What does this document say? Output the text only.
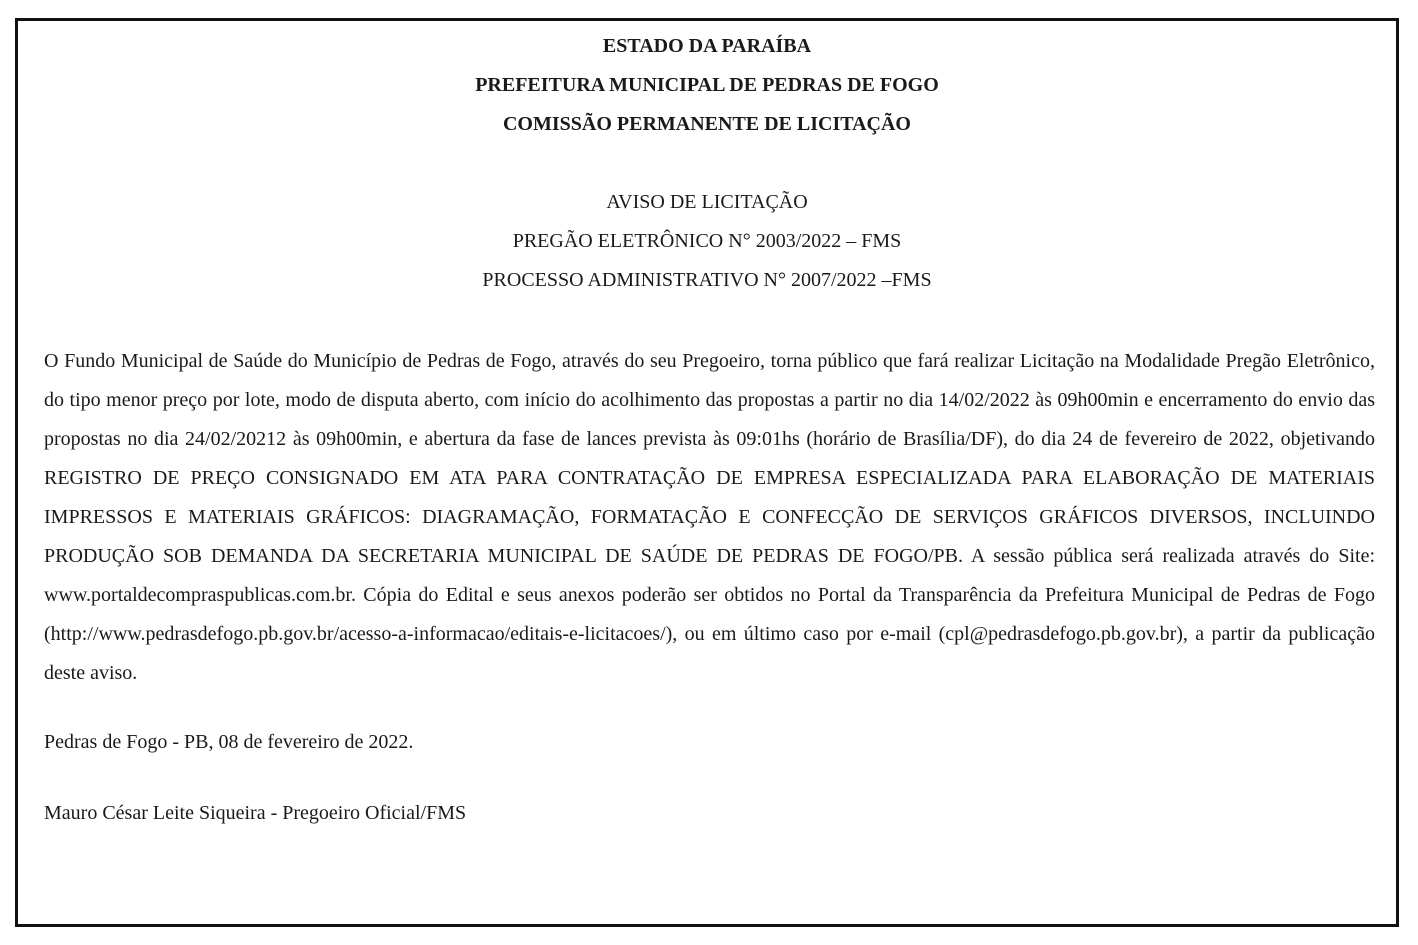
ESTADO DA PARAÍBA
PREFEITURA MUNICIPAL DE PEDRAS DE FOGO
COMISSÃO PERMANENTE DE LICITAÇÃO
AVISO DE LICITAÇÃO
PREGÃO ELETRÔNICO N° 2003/2022 – FMS
PROCESSO ADMINISTRATIVO N° 2007/2022 –FMS

O Fundo Municipal de Saúde do Município de Pedras de Fogo, através do seu Pregoeiro, torna público que fará realizar Licitação na Modalidade Pregão Eletrônico, do tipo menor preço por lote, modo de disputa aberto, com início do acolhimento das propostas a partir no dia 14/02/2022 às 09h00min e encerramento do envio das propostas no dia 24/02/20212 às 09h00min, e abertura da fase de lances prevista às 09:01hs (horário de Brasília/DF), do dia 24 de fevereiro de 2022, objetivando REGISTRO DE PREÇO CONSIGNADO EM ATA PARA CONTRATAÇÃO DE EMPRESA ESPECIALIZADA PARA ELABORAÇÃO DE MATERIAIS IMPRESSOS E MATERIAIS GRÁFICOS: DIAGRAMAÇÃO, FORMATAÇÃO E CONFECÇÃO DE SERVIÇOS GRÁFICOS DIVERSOS, INCLUINDO PRODUÇÃO SOB DEMANDA DA SECRETARIA MUNICIPAL DE SAÚDE DE PEDRAS DE FOGO/PB. A sessão pública será realizada através do Site: www.portaldecompraspublicas.com.br. Cópia do Edital e seus anexos poderão ser obtidos no Portal da Transparência da Prefeitura Municipal de Pedras de Fogo (http://www.pedrasdefogo.pb.gov.br/acesso-a-informacao/editais-e-licitacoes/), ou em último caso por e-mail (cpl@pedrasdefogo.pb.gov.br), a partir da publicação deste aviso.

Pedras de Fogo - PB, 08 de fevereiro de 2022.
Mauro César Leite Siqueira - Pregoeiro Oficial/FMS
